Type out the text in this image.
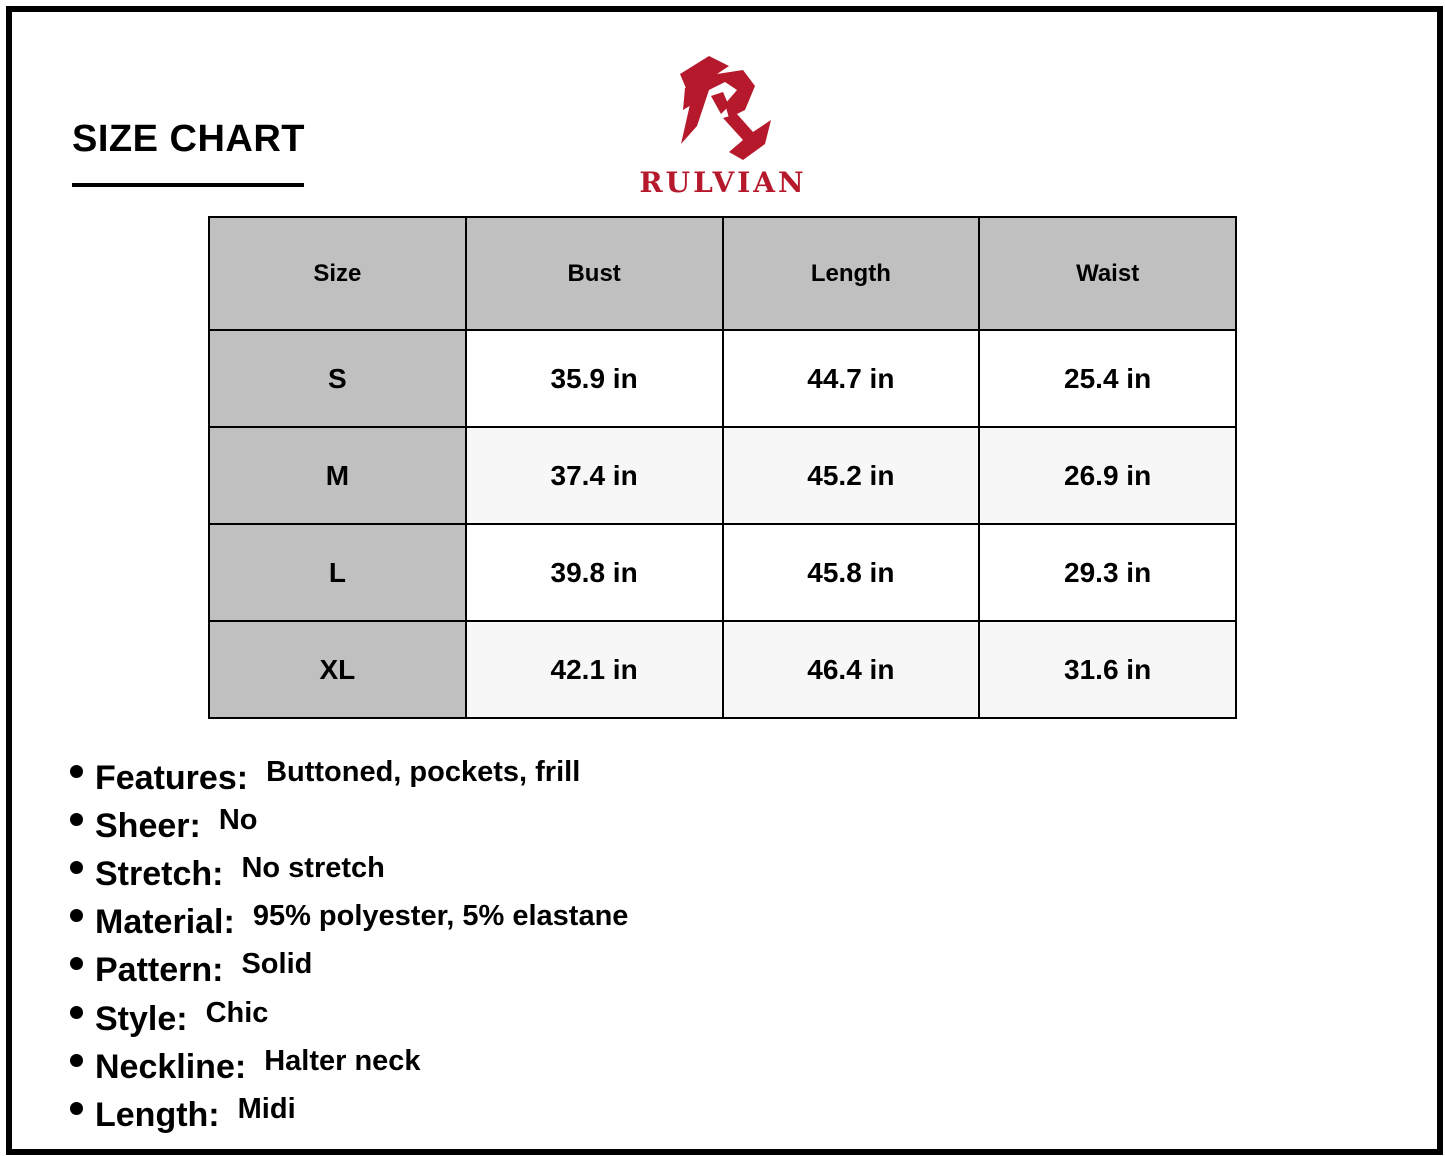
SIZE CHART
RULVIAN
Size	Bust	Length	Waist
S	35.9 in	44.7 in	25.4 in
M	37.4 in	45.2 in	26.9 in
L	39.8 in	45.8 in	29.3 in
XL	42.1 in	46.4 in	31.6 in
Features: Buttoned, pockets, frill
Sheer: No
Stretch: No stretch
Material: 95% polyester, 5% elastane
Pattern: Solid
Style: Chic
Neckline: Halter neck
Length: Midi
